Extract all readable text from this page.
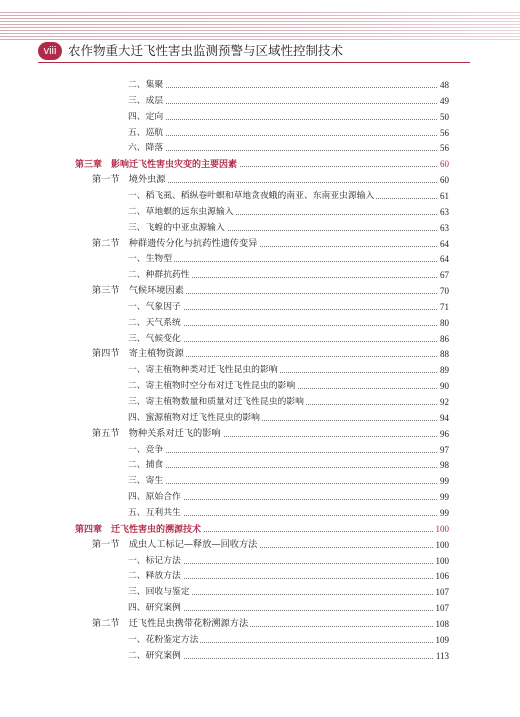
viii 农作物重大迁飞性害虫监测预警与区域性控制技术
二、集聚	48
三、成层	49
四、定向	50
五、巡航	56
六、降落	56
第三章　影响迁飞性害虫灾变的主要因素	60
第一节　境外虫源	60
一、稻飞虱、稻纵卷叶螟和草地贪夜蛾的南亚、东南亚虫源输入	61
二、草地螟的远东虫源输入	63
三、飞蝗的中亚虫源输入	63
第二节　种群遗传分化与抗药性遗传变异	64
一、生物型	64
二、种群抗药性	67
第三节　气候环境因素	70
一、气象因子	71
二、天气系统	80
三、气候变化	86
第四节　寄主植物资源	88
一、寄主植物种类对迁飞性昆虫的影响	89
二、寄主植物时空分布对迁飞性昆虫的影响	90
三、寄主植物数量和质量对迁飞性昆虫的影响	92
四、蜜源植物对迁飞性昆虫的影响	94
第五节　物种关系对迁飞的影响	96
一、竞争	97
二、捕食	98
三、寄生	99
四、原始合作	99
五、互利共生	99
第四章　迁飞性害虫的溯源技术	100
第一节　成虫人工标记—释放—回收方法	100
一、标记方法	100
二、释放方法	106
三、回收与鉴定	107
四、研究案例	107
第二节　迁飞性昆虫携带花粉溯源方法	108
一、花粉鉴定方法	109
二、研究案例	113
